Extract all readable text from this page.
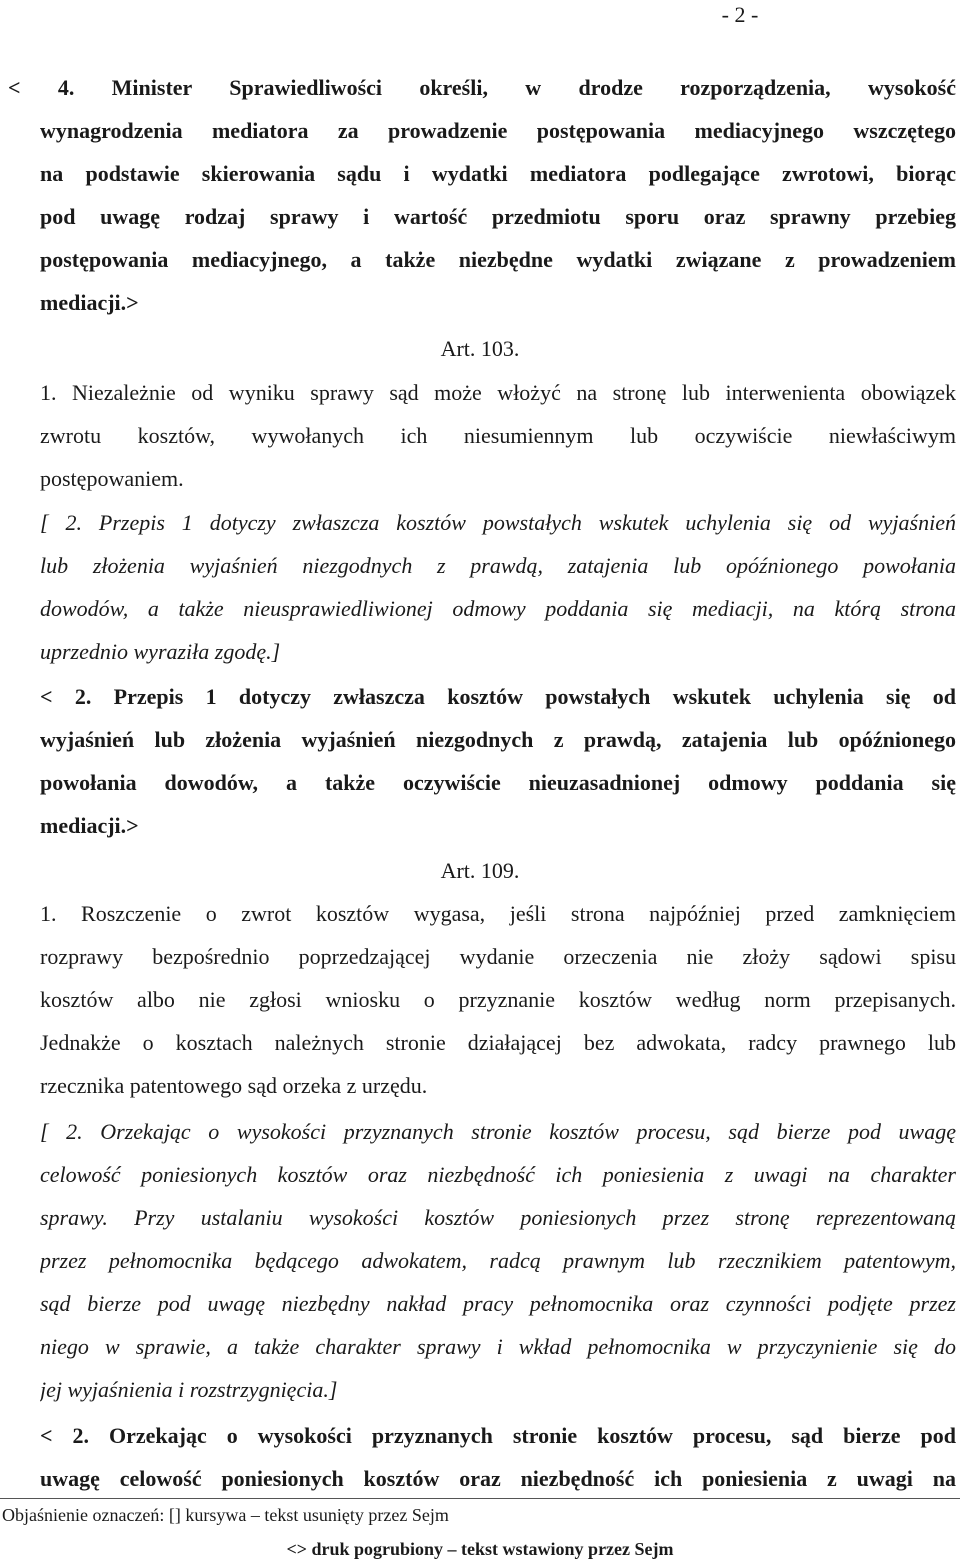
- 2 -
< 4. Minister Sprawiedliwości określi, w drodze rozporządzenia, wysokość
wynagrodzenia mediatora za prowadzenie postępowania mediacyjnego wszczętego
na podstawie skierowania sądu i wydatki mediatora podlegające zwrotowi, biorąc
pod uwagę rodzaj sprawy i wartość przedmiotu sporu oraz sprawny przebieg
postępowania mediacyjnego, a także niezbędne wydatki związane z prowadzeniem
mediacji.>
Art. 103.
1. Niezależnie od wyniku sprawy sąd może włożyć na stronę lub interwenienta obowiązek
zwrotu kosztów, wywołanych ich niesumiennym lub oczywiście niewłaściwym
postępowaniem.
[ 2. Przepis 1 dotyczy zwłaszcza kosztów powstałych wskutek uchylenia się od wyjaśnień
lub złożenia wyjaśnień niezgodnych z prawdą, zatajenia lub opóźnionego powołania
dowodów, a także nieusprawiedliwionej odmowy poddania się mediacji, na którą strona
uprzednio wyraziła zgodę.]
< 2. Przepis 1 dotyczy zwłaszcza kosztów powstałych wskutek uchylenia się od
wyjaśnień lub złożenia wyjaśnień niezgodnych z prawdą, zatajenia lub opóźnionego
powołania dowodów, a także oczywiście nieuzasadnionej odmowy poddania się
mediacji.>
Art. 109.
1. Roszczenie o zwrot kosztów wygasa, jeśli strona najpóźniej przed zamknięciem
rozprawy bezpośrednio poprzedzającej wydanie orzeczenia nie złoży sądowi spisu
kosztów albo nie zgłosi wniosku o przyznanie kosztów według norm przepisanych.
Jednakże o kosztach należnych stronie działającej bez adwokata, radcy prawnego lub
rzecznika patentowego sąd orzeka z urzędu.
[ 2. Orzekając o wysokości przyznanych stronie kosztów procesu, sąd bierze pod uwagę
celowość poniesionych kosztów oraz niezbędność ich poniesienia z uwagi na charakter
sprawy. Przy ustalaniu wysokości kosztów poniesionych przez stronę reprezentowaną
przez pełnomocnika będącego adwokatem, radcą prawnym lub rzecznikiem patentowym,
sąd bierze pod uwagę niezbędny nakład pracy pełnomocnika oraz czynności podjęte przez
niego w sprawie, a także charakter sprawy i wkład pełnomocnika w przyczynienie się do
jej wyjaśnienia i rozstrzygnięcia.]
< 2. Orzekając o wysokości przyznanych stronie kosztów procesu, sąd bierze pod
uwagę celowość poniesionych kosztów oraz niezbędność ich poniesienia z uwagi na
Objaśnienie oznaczeń: [] kursywa – tekst usunięty przez Sejm
<> druk pogrubiony – tekst wstawiony przez Sejm
